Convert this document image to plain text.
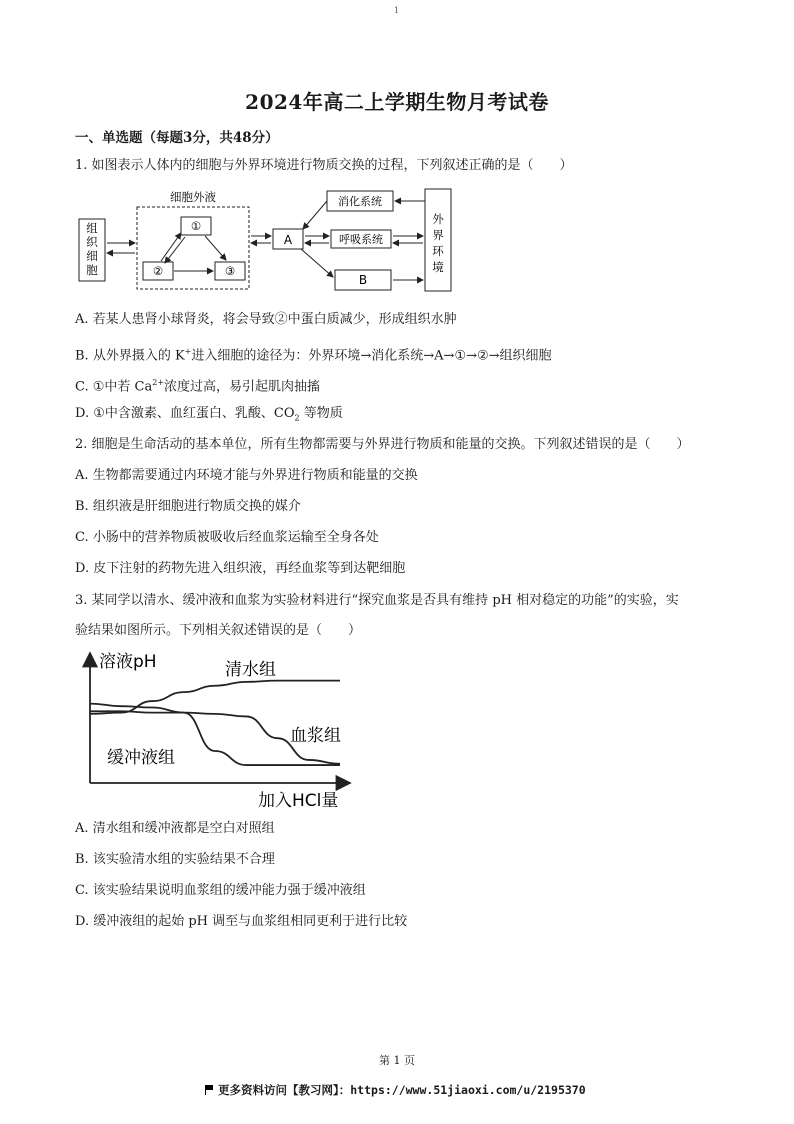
1
2024年高二上学期生物月考试卷
一、单选题（每题3分，共48分）
1. 如图表示人体内的细胞与外界环境进行物质交换的过程，下列叙述正确的是（　　）
组
织
细
胞
细胞外液
①
②	③
A
消化系统
呼吸系统
B
外
界
环
境
A. 若某人患肾小球肾炎，将会导致②中蛋白质减少，形成组织水肿
B. 从外界摄入的 K+进入细胞的途径为：外界环境→消化系统→A→①→②→组织细胞
C. ①中若 $Ca^{2+}$浓度过高，易引起肌肉抽搐
D. ①中含激素、血红蛋白、乳酸、$CO_2$ 等物质
2. 细胞是生命活动的基本单位，所有生物都需要与外界进行物质和能量的交换。下列叙述错误的是（　　）
A. 生物都需要通过内环境才能与外界进行物质和能量的交换
B. 组织液是肝细胞进行物质交换的媒介
C. 小肠中的营养物质被吸收后经血浆运输至全身各处
D. 皮下注射的药物先进入组织液，再经血浆等到达靶细胞
3. 某同学以清水、缓冲液和血浆为实验材料进行“探究血浆是否具有维持 pH 相对稳定的功能”的实验，实
验结果如图所示。下列相关叙述错误的是（　　）
溶液pH
加入HCl量
清水组
血浆组
缓冲液组
A. 清水组和缓冲液都是空白对照组
B. 该实验清水组的实验结果不合理
C. 该实验结果说明血浆组的缓冲能力强于缓冲液组
D. 缓冲液组的起始 pH 调至与血浆组相同更利于进行比较
第 1 页
更多资料访问【教习网】：https://www.51jiaoxi.com/u/2195370
